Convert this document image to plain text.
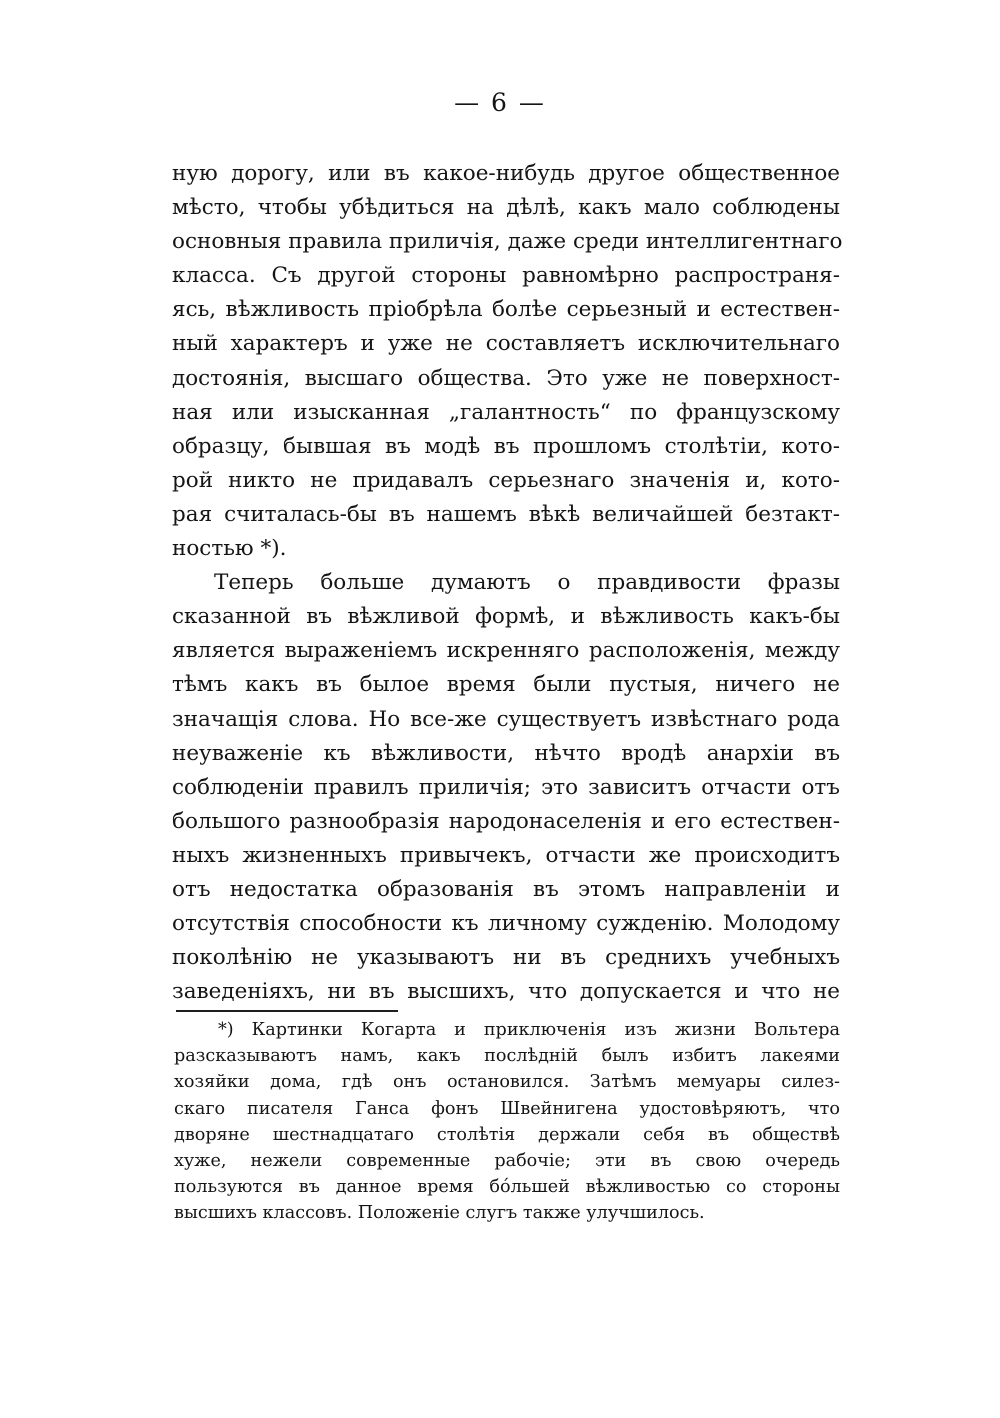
— 6 —
ную дорогу, или въ какое-нибудь другое общественное
мѣсто, чтобы убѣдиться на дѣлѣ, какъ мало соблюдены
основныя правила приличія, даже среди интеллигентнаго
класса. Съ другой стороны равномѣрно распространя-
ясь, вѣжливость пріобрѣла болѣе серьезный и естествен-
ный характеръ и уже не составляетъ исключительнаго
достоянія, высшаго общества. Это уже не поверхност-
ная или изысканная „галантность“ по французскому
образцу, бывшая въ модѣ въ прошломъ столѣтіи, кото-
рой никто не придавалъ серьезнаго значенія и, кото-
рая считалась-бы въ нашемъ вѣкѣ величайшей безтакт-
ностью *).
Теперь больше думаютъ о правдивости фразы
сказанной въ вѣжливой формѣ, и вѣжливость какъ-бы
является выраженіемъ искренняго расположенія, между
тѣмъ какъ въ былое время были пустыя, ничего не
значащія слова. Но все-же существуетъ извѣстнаго рода
неуваженіе къ вѣжливости, нѣчто вродѣ анархіи въ
соблюденіи правилъ приличія; это зависитъ отчасти отъ
большого разнообразія народонаселенія и его естествен-
ныхъ жизненныхъ привычекъ, отчасти же происходитъ
отъ недостатка образованія въ этомъ направленіи и
отсутствія способности къ личному сужденію. Молодому
поколѣнію не указываютъ ни въ среднихъ учебныхъ
заведеніяхъ, ни въ высшихъ, что допускается и что не
*) Картинки Когарта и приключенія изъ жизни Вольтера
разсказываютъ намъ, какъ послѣдній былъ избитъ лакеями
хозяйки дома, гдѣ онъ остановился. Затѣмъ мемуары силез-
скаго писателя Ганса фонъ Швейнигена удостовѣряютъ, что
дворяне шестнадцатаго столѣтія держали себя въ обществѣ
хуже, нежели современные рабочіе; эти въ свою очередь
пользуются въ данное время бóльшей вѣжливостью со стороны
высшихъ классовъ. Положеніе слугъ также улучшилось.
